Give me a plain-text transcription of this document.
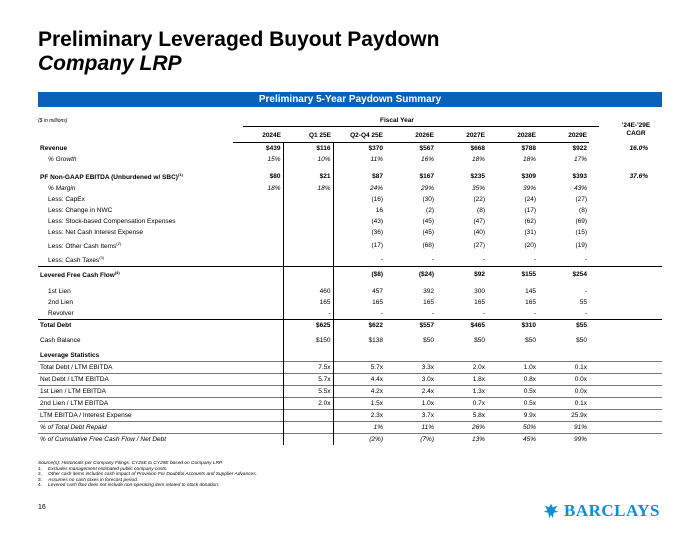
Preliminary Leveraged Buyout Paydown
Company LRP
Preliminary 5-Year Paydown Summary
($ in millions)	Fiscal Year
'24E-'29E
CAGR
	2024E	Q1 25E	Q2-Q4 25E	2026E	2027E	2028E	2029E	
Revenue	$439	$116	$370	$567	$668	$788	$922	16.0%
% Growth	15%	10%	11%	16%	18%	18%	17%	

PF Non-GAAP EBITDA (Unburdened w/ SBC)$^{(1)}$	$80	$21	$87	$167	$235	$309	$393	37.6%
% Margin	18%	18%	24%	29%	35%	39%	43%	
Less: CapEx			(16)	(30)	(22)	(24)	(27)	
Less: Change in NWC			16	(2)	(8)	(17)	(8)	
Less: Stock-based Compensation Expenses			(43)	(45)	(47)	(62)	(69)	
Less: Net Cash Interest Expense			(36)	(45)	(40)	(31)	(15)	
Less: Other Cash Items$^{(2)}$			(17)	(68)	(27)	(20)	(19)	
Less: Cash Taxes$^{(3)}$			-	-	-	-	-	
Levered Free Cash Flow$^{(4)}$			($8)	($24)	$92	$155	$254	

1st Lien		460	457	392	300	145	-	
2nd Lien		165	165	165	165	165	55	
Revolver		-	-	-	-	-	-	
Total Debt		$625	$622	$557	$465	$310	$55	

Cash Balance		$150	$138	$50	$50	$50	$50	

Leverage Statistics								
Total Debt / LTM EBITDA		7.5x	5.7x	3.3x	2.0x	1.0x	0.1x	
Net Debt / LTM EBITDA		5.7x	4.4x	3.0x	1.8x	0.8x	0.0x	
1st Lien / LTM EBITDA		5.5x	4.2x	2.4x	1.3x	0.5x	0.0x	
2nd Lien / LTM EBITDA		2.0x	1.5x	1.0x	0.7x	0.5x	0.1x	
LTM EBITDA / Interest Expense			2.3x	3.7x	5.8x	9.9x	25.9x	
% of Total Debt Repaid			1%	11%	26%	50%	91%	
% of Cumulative Free Cash Flow / Net Debt			(2%)	(7%)	13%	45%	99%	
Source(s): Historicals per Company Filings. CY25E to CY29E based on Company LRP.
1.	Excludes management estimated public company costs.
2.	Other cash items includes cash impact of Provision For Doubtful Accounts and Supplier Advances.
3.	Assumes no cash taxes in forecast period.
4.	Levered cash flow does not include non-operating item related to stock donation.
16	BARCLAYS
